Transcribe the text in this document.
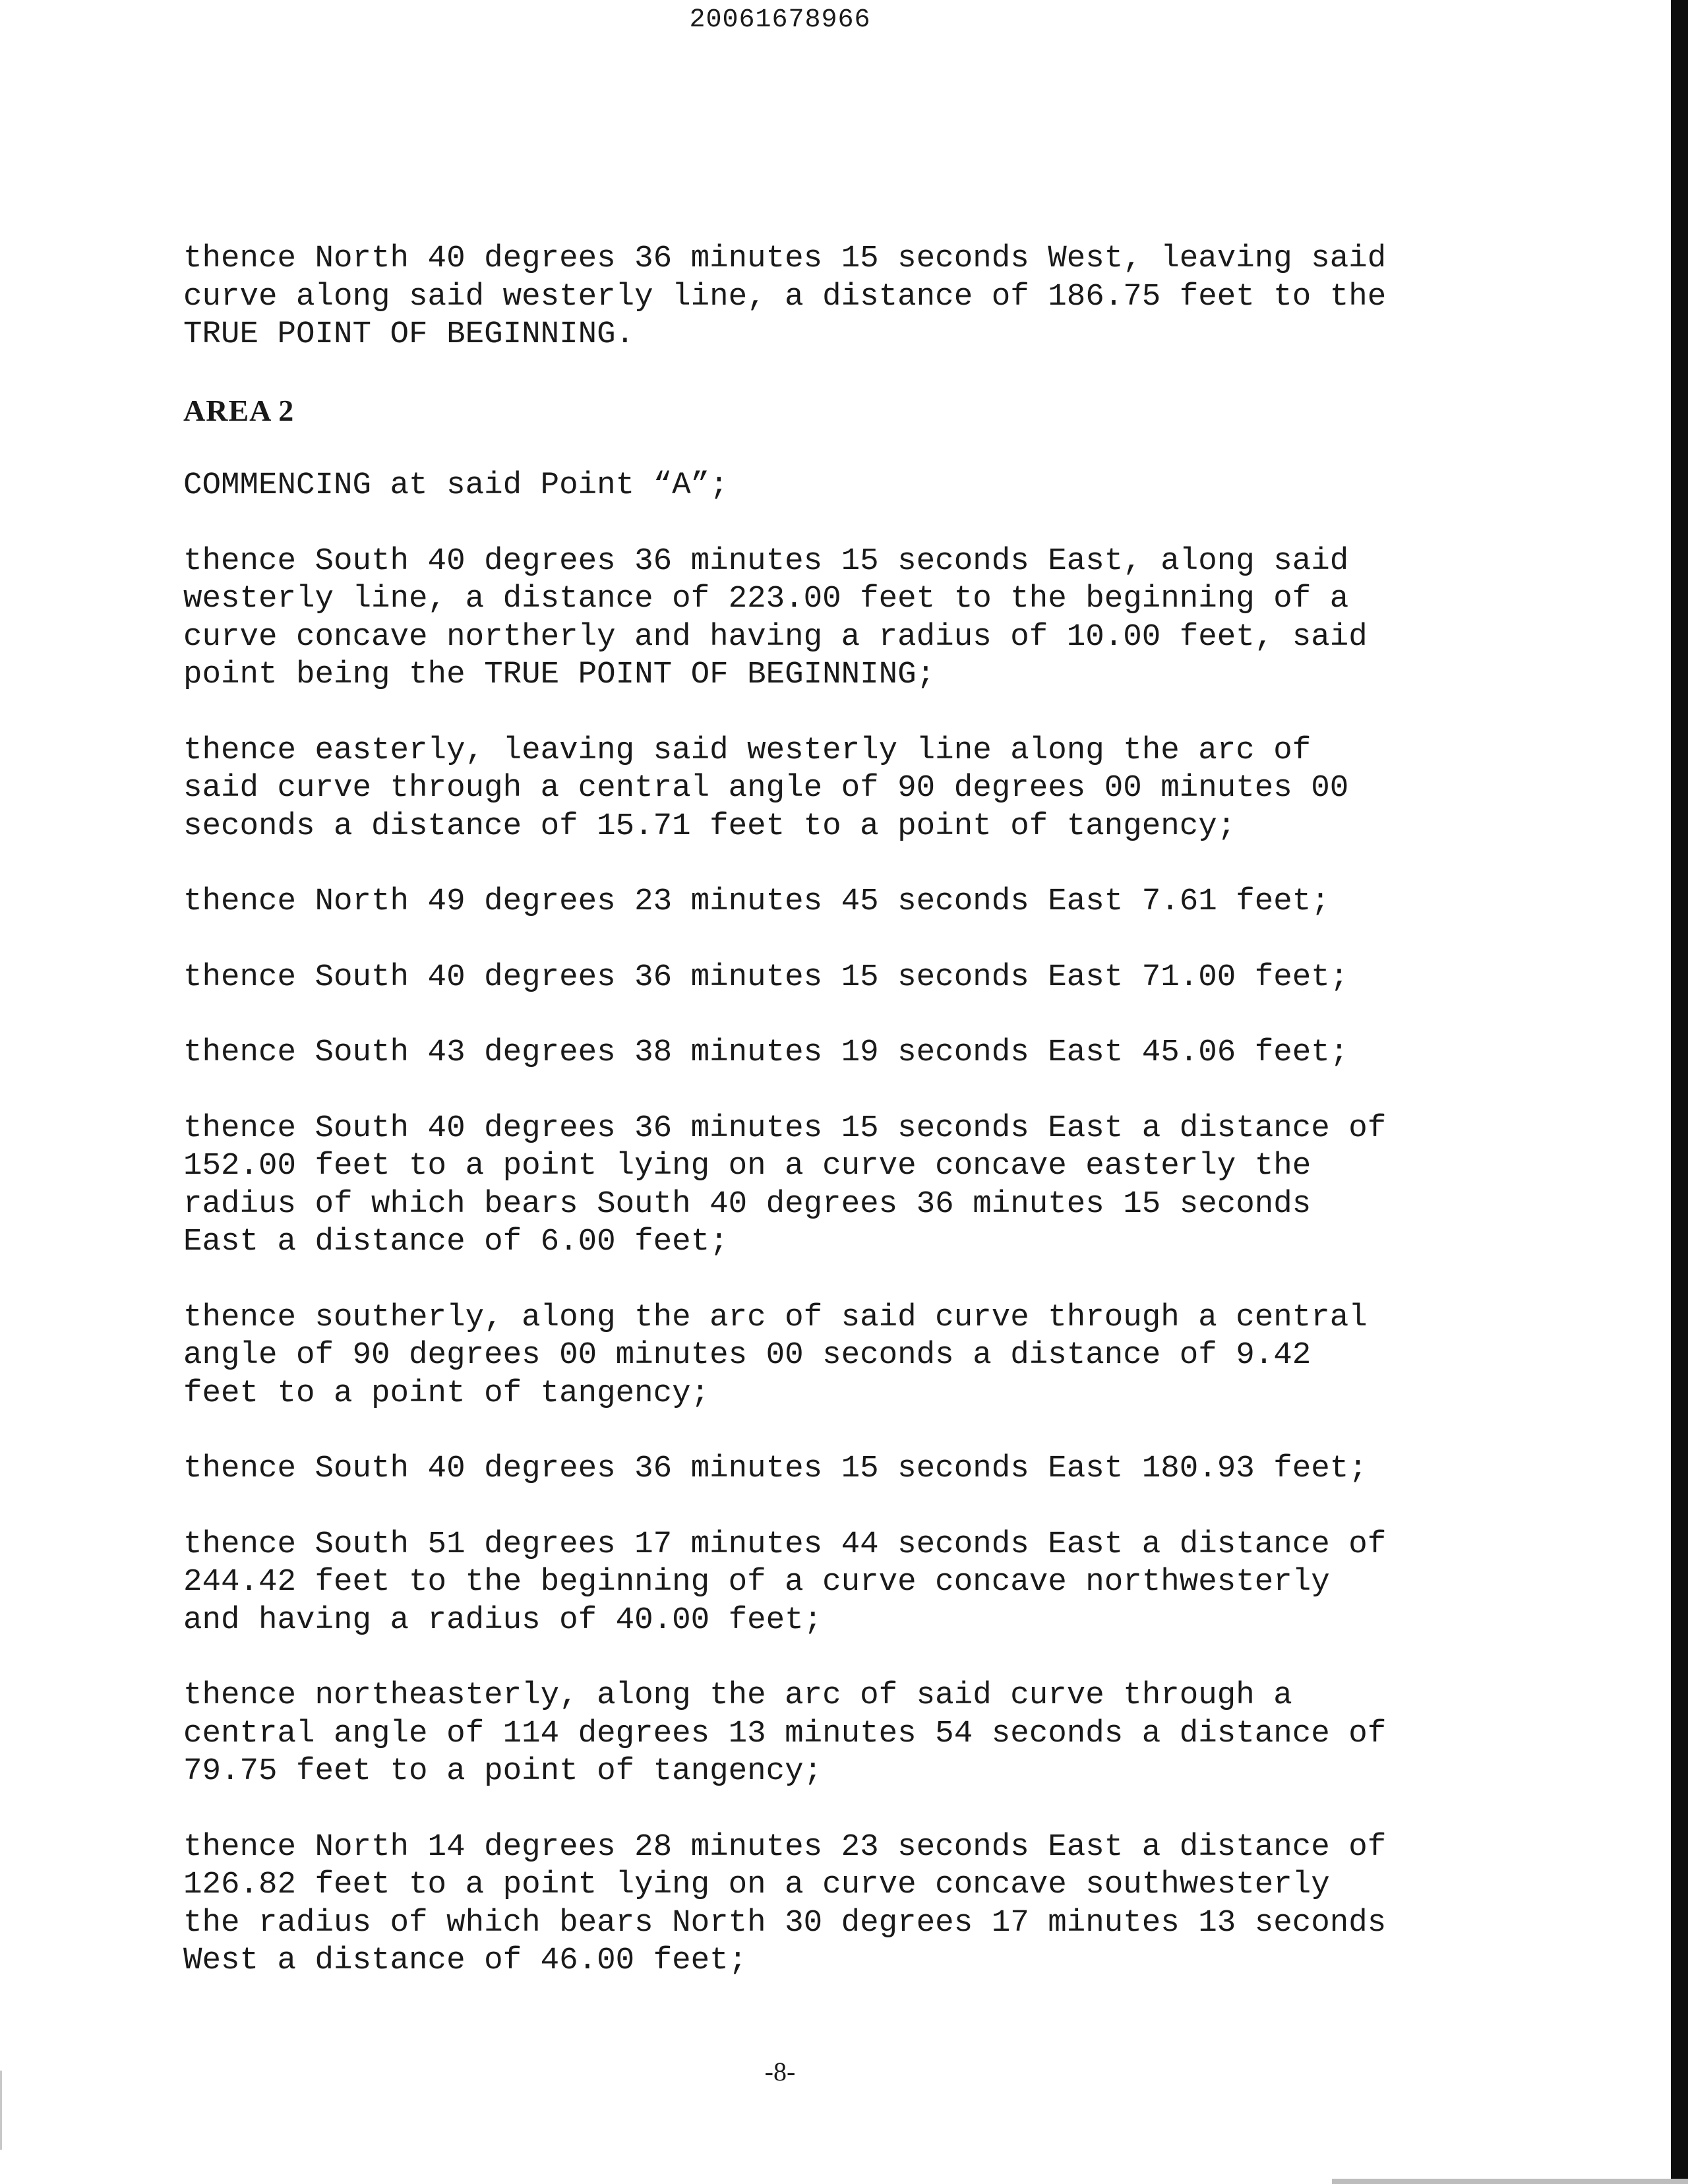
20061678966

thence North 40 degrees 36 minutes 15 seconds West, leaving said
curve along said westerly line, a distance of 186.75 feet to the
TRUE POINT OF BEGINNING.

AREA 2

COMMENCING at said Point “A”;

thence South 40 degrees 36 minutes 15 seconds East, along said
westerly line, a distance of 223.00 feet to the beginning of a
curve concave northerly and having a radius of 10.00 feet, said
point being the TRUE POINT OF BEGINNING;

thence easterly, leaving said westerly line along the arc of
said curve through a central angle of 90 degrees 00 minutes 00
seconds a distance of 15.71 feet to a point of tangency;

thence North 49 degrees 23 minutes 45 seconds East 7.61 feet;

thence South 40 degrees 36 minutes 15 seconds East 71.00 feet;

thence South 43 degrees 38 minutes 19 seconds East 45.06 feet;

thence South 40 degrees 36 minutes 15 seconds East a distance of
152.00 feet to a point lying on a curve concave easterly the
radius of which bears South 40 degrees 36 minutes 15 seconds
East a distance of 6.00 feet;

thence southerly, along the arc of said curve through a central
angle of 90 degrees 00 minutes 00 seconds a distance of 9.42
feet to a point of tangency;

thence South 40 degrees 36 minutes 15 seconds East 180.93 feet;

thence South 51 degrees 17 minutes 44 seconds East a distance of
244.42 feet to the beginning of a curve concave northwesterly
and having a radius of 40.00 feet;

thence northeasterly, along the arc of said curve through a
central angle of 114 degrees 13 minutes 54 seconds a distance of
79.75 feet to a point of tangency;

thence North 14 degrees 28 minutes 23 seconds East a distance of
126.82 feet to a point lying on a curve concave southwesterly
the radius of which bears North 30 degrees 17 minutes 13 seconds
West a distance of 46.00 feet;

-8-
